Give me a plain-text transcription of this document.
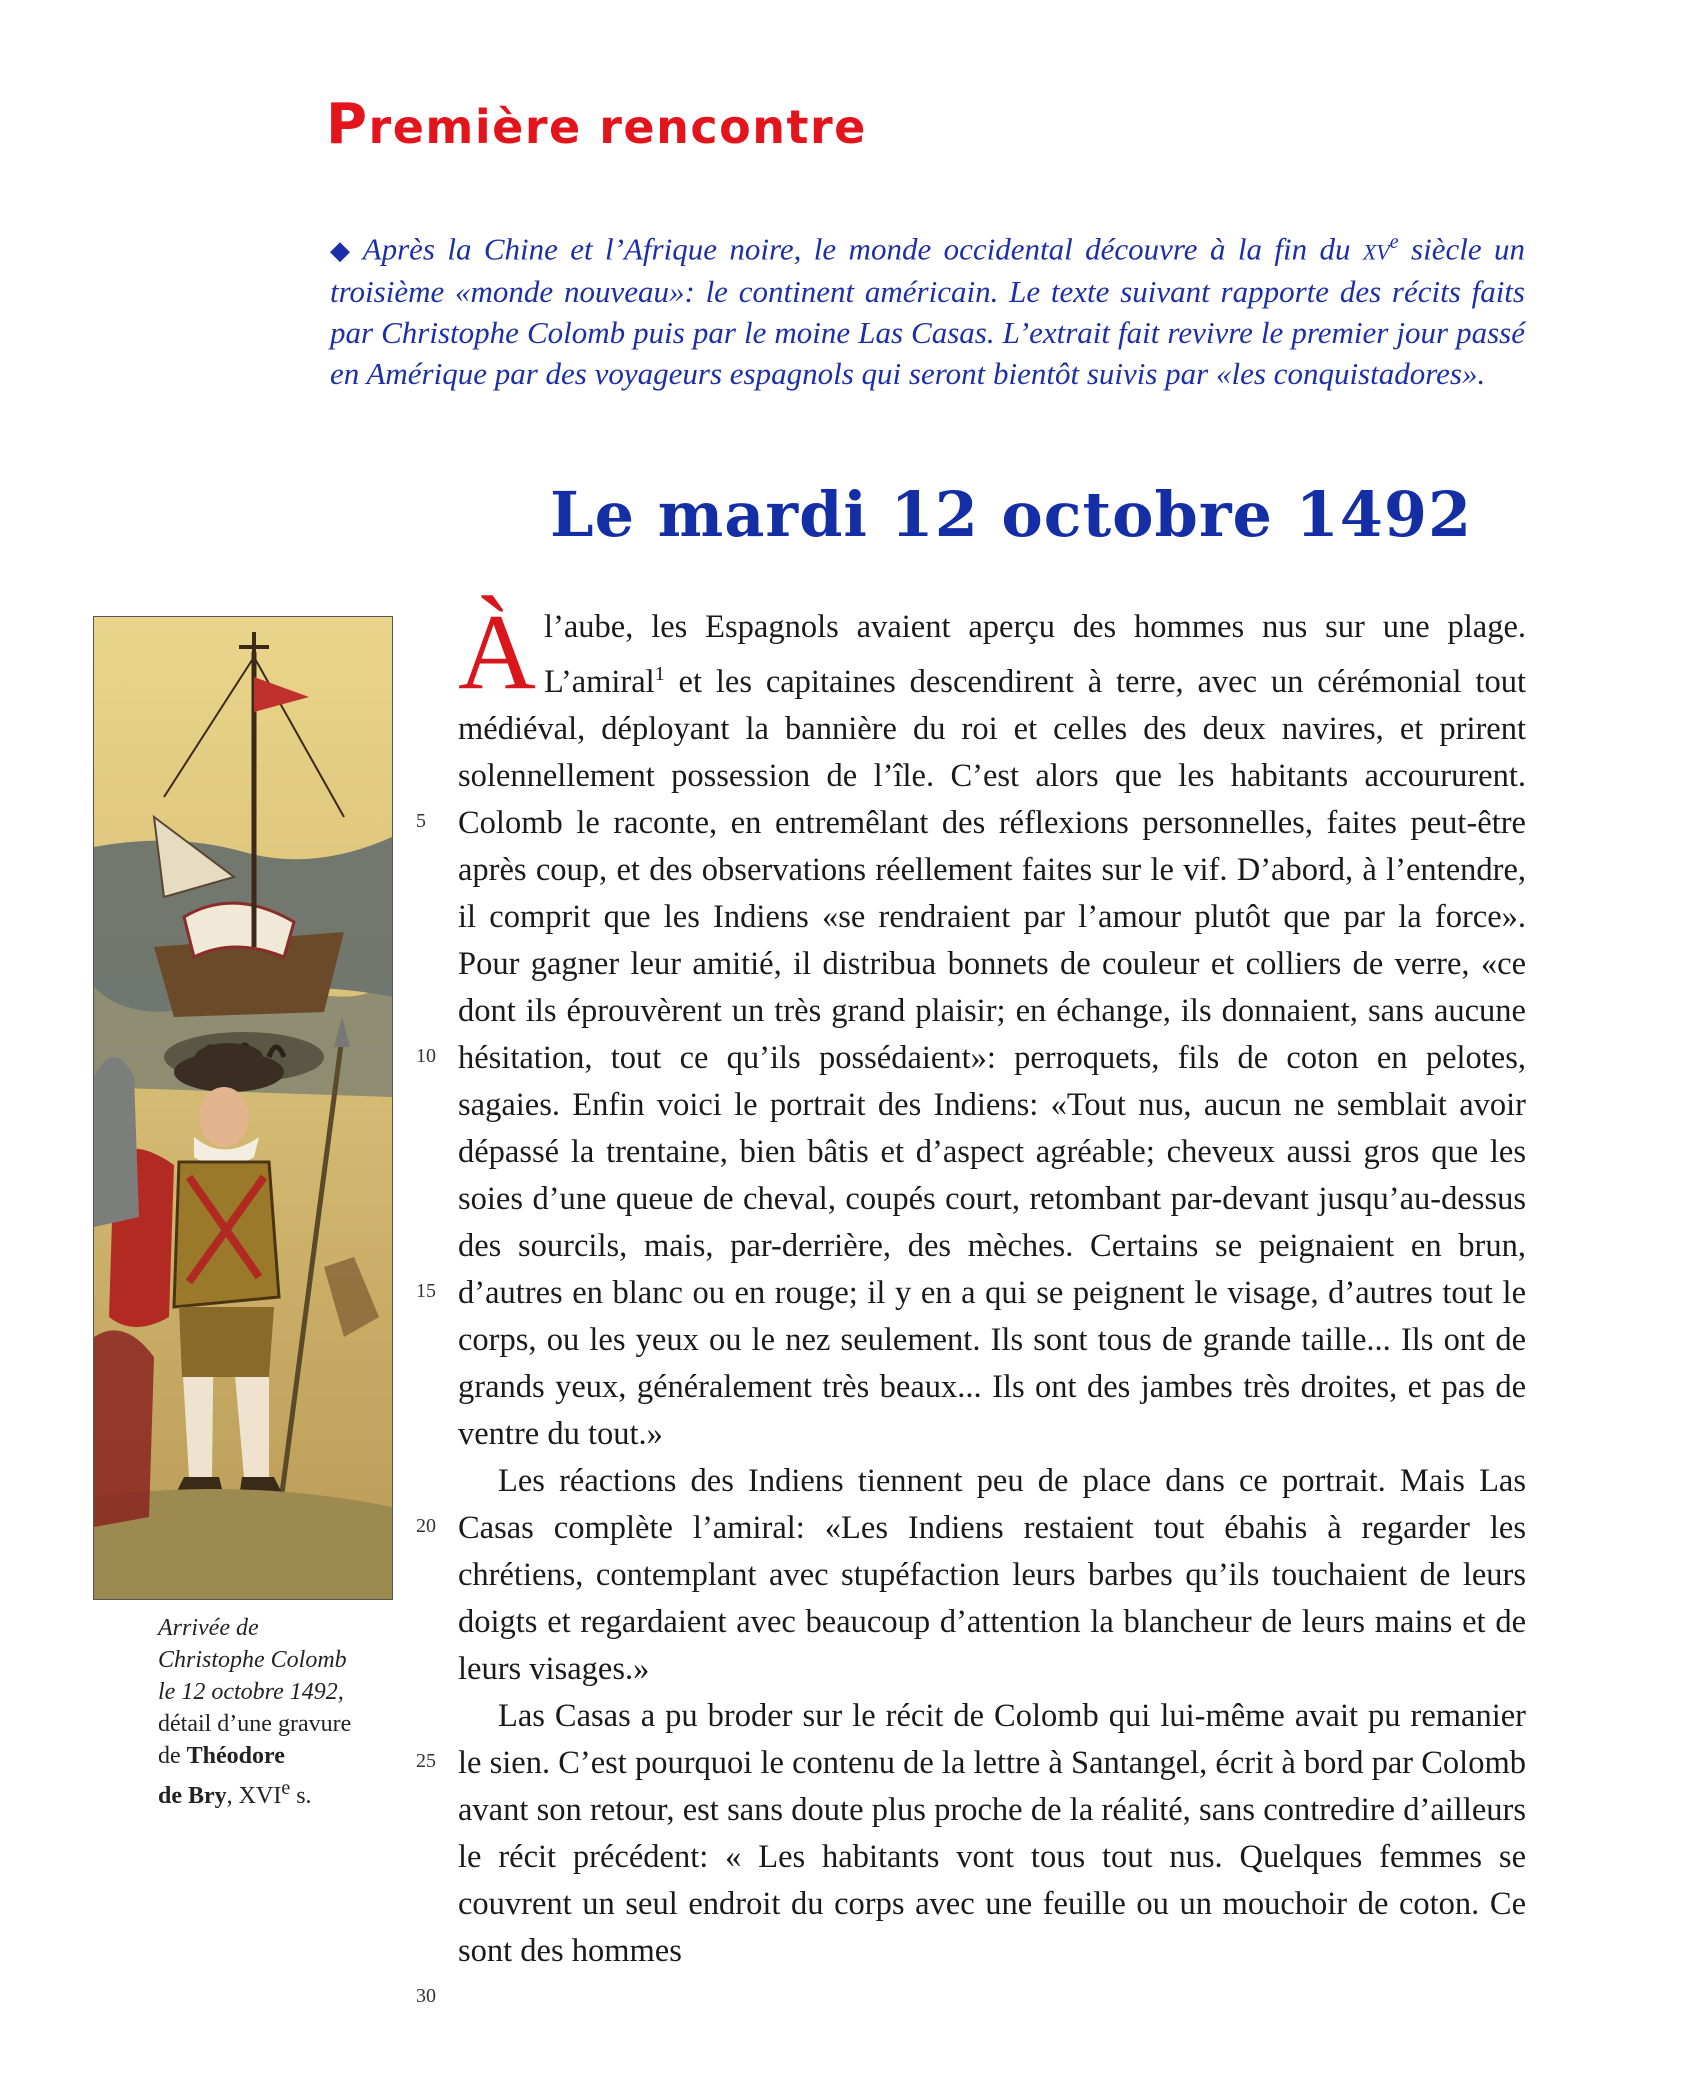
Première rencontre

◆ Après la Chine et l’Afrique noire, le monde occidental découvre à la fin du $xv^e$ siècle un troisième «monde nouveau»: le continent américain. Le texte suivant rapporte des récits faits par Christophe Colomb puis par le moine Las Casas. L’extrait fait revivre le premier jour passé en Amérique par des voyageurs espagnols qui seront bientôt suivis par «les conquistadores».

Le mardi 12 octobre 1492
Arrivée de
Christophe Colomb
le 12 octobre 1492,
détail d’une gravure
de Théodore
de Bry, XVIe s.
5
10
15
20
25
30

À l’aube, les Espagnols avaient aperçu des hommes nus sur une plage. L’amiral$^1$ et les capitaines descendirent à terre, avec un cérémonial tout médiéval, déployant la bannière du roi et celles des deux navires, et prirent solennellement possession de l’île. C’est alors que les habitants accoururent. Colomb le raconte, en entremêlant des réflexions personnelles, faites peut-être après coup, et des observations réellement faites sur le vif. D’abord, à l’entendre, il comprit que les Indiens «se rendraient par l’amour plutôt que par la force». Pour gagner leur amitié, il distribua bonnets de couleur et colliers de verre, «ce dont ils éprouvèrent un très grand plaisir; en échange, ils donnaient, sans aucune hésitation, tout ce qu’ils possédaient»: perroquets, fils de coton en pelotes, sagaies. Enfin voici le portrait des Indiens: «Tout nus, aucun ne semblait avoir dépassé la trentaine, bien bâtis et d’aspect agréable; cheveux aussi gros que les soies d’une queue de cheval, coupés court, retombant par-devant jusqu’au-dessus des sourcils, mais, par-derrière, des mèches. Certains se peignaient en brun, d’autres en blanc ou en rouge; il y en a qui se peignent le visage, d’autres tout le corps, ou les yeux ou le nez seulement. Ils sont tous de grande taille... Ils ont de grands yeux, généralement très beaux... Ils ont des jambes très droites, et pas de ventre du tout.»

Les réactions des Indiens tiennent peu de place dans ce portrait. Mais Las Casas complète l’amiral: «Les Indiens restaient tout ébahis à regarder les chrétiens, contemplant avec stupéfaction leurs barbes qu’ils touchaient de leurs doigts et regardaient avec beaucoup d’attention la blancheur de leurs mains et de leurs visages.»

Las Casas a pu broder sur le récit de Colomb qui lui-même avait pu remanier le sien. C’est pourquoi le contenu de la lettre à Santangel, écrit à bord par Colomb avant son retour, est sans doute plus proche de la réalité, sans contredire d’ailleurs le récit précédent: « Les habitants vont tous tout nus. Quelques femmes se couvrent un seul endroit du corps avec une feuille ou un mouchoir de coton. Ce sont des hommes
